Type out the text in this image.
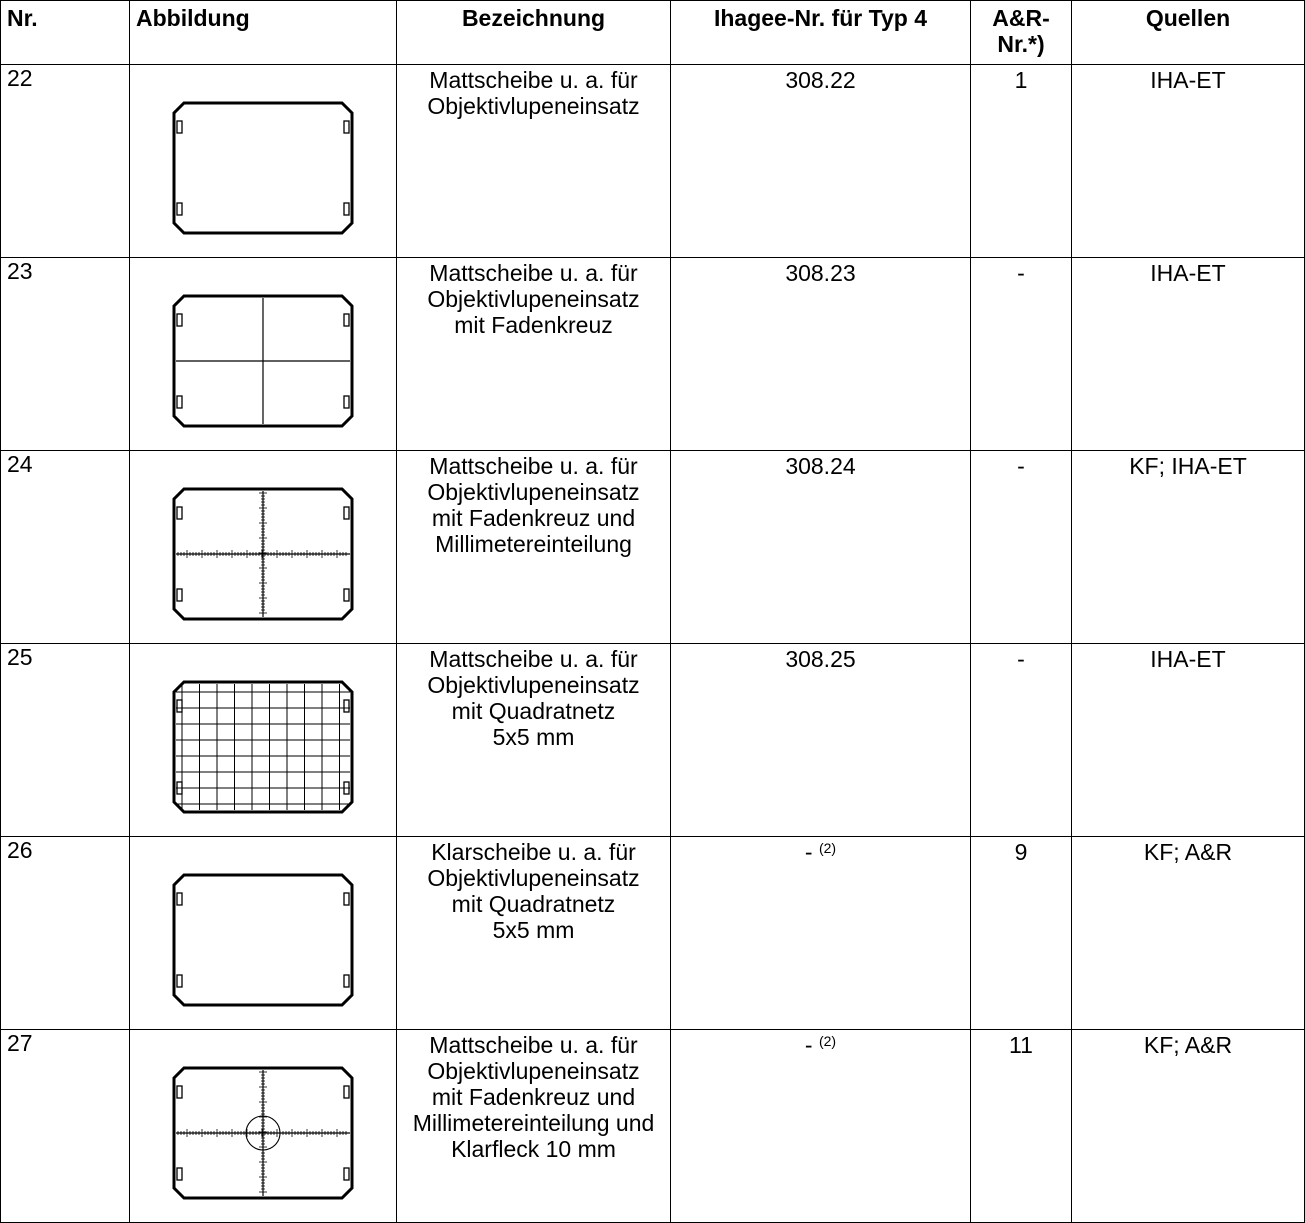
Nr.	Abbildung	Bezeichnung	Ihagee-Nr. für Typ 4	A&R-
Nr.*)	Quellen
22		Mattscheibe u. a. für
Objektivlupeneinsatz	308.22	1	IHA-ET
23		Mattscheibe u. a. für
Objektivlupeneinsatz
mit Fadenkreuz	308.23	-	IHA-ET
24		Mattscheibe u. a. für
Objektivlupeneinsatz
mit Fadenkreuz und
Millimetereinteilung	308.24	-	KF; IHA-ET
25		Mattscheibe u. a. für
Objektivlupeneinsatz
mit Quadratnetz
5x5 mm	308.25	-	IHA-ET
26		Klarscheibe u. a. für
Objektivlupeneinsatz
mit Quadratnetz
5x5 mm	- $^{(2)}$	9	KF; A&R
27		Mattscheibe u. a. für
Objektivlupeneinsatz
mit Fadenkreuz und
Millimetereinteilung und
Klarfleck 10 mm	- $^{(2)}$	11	KF; A&R
